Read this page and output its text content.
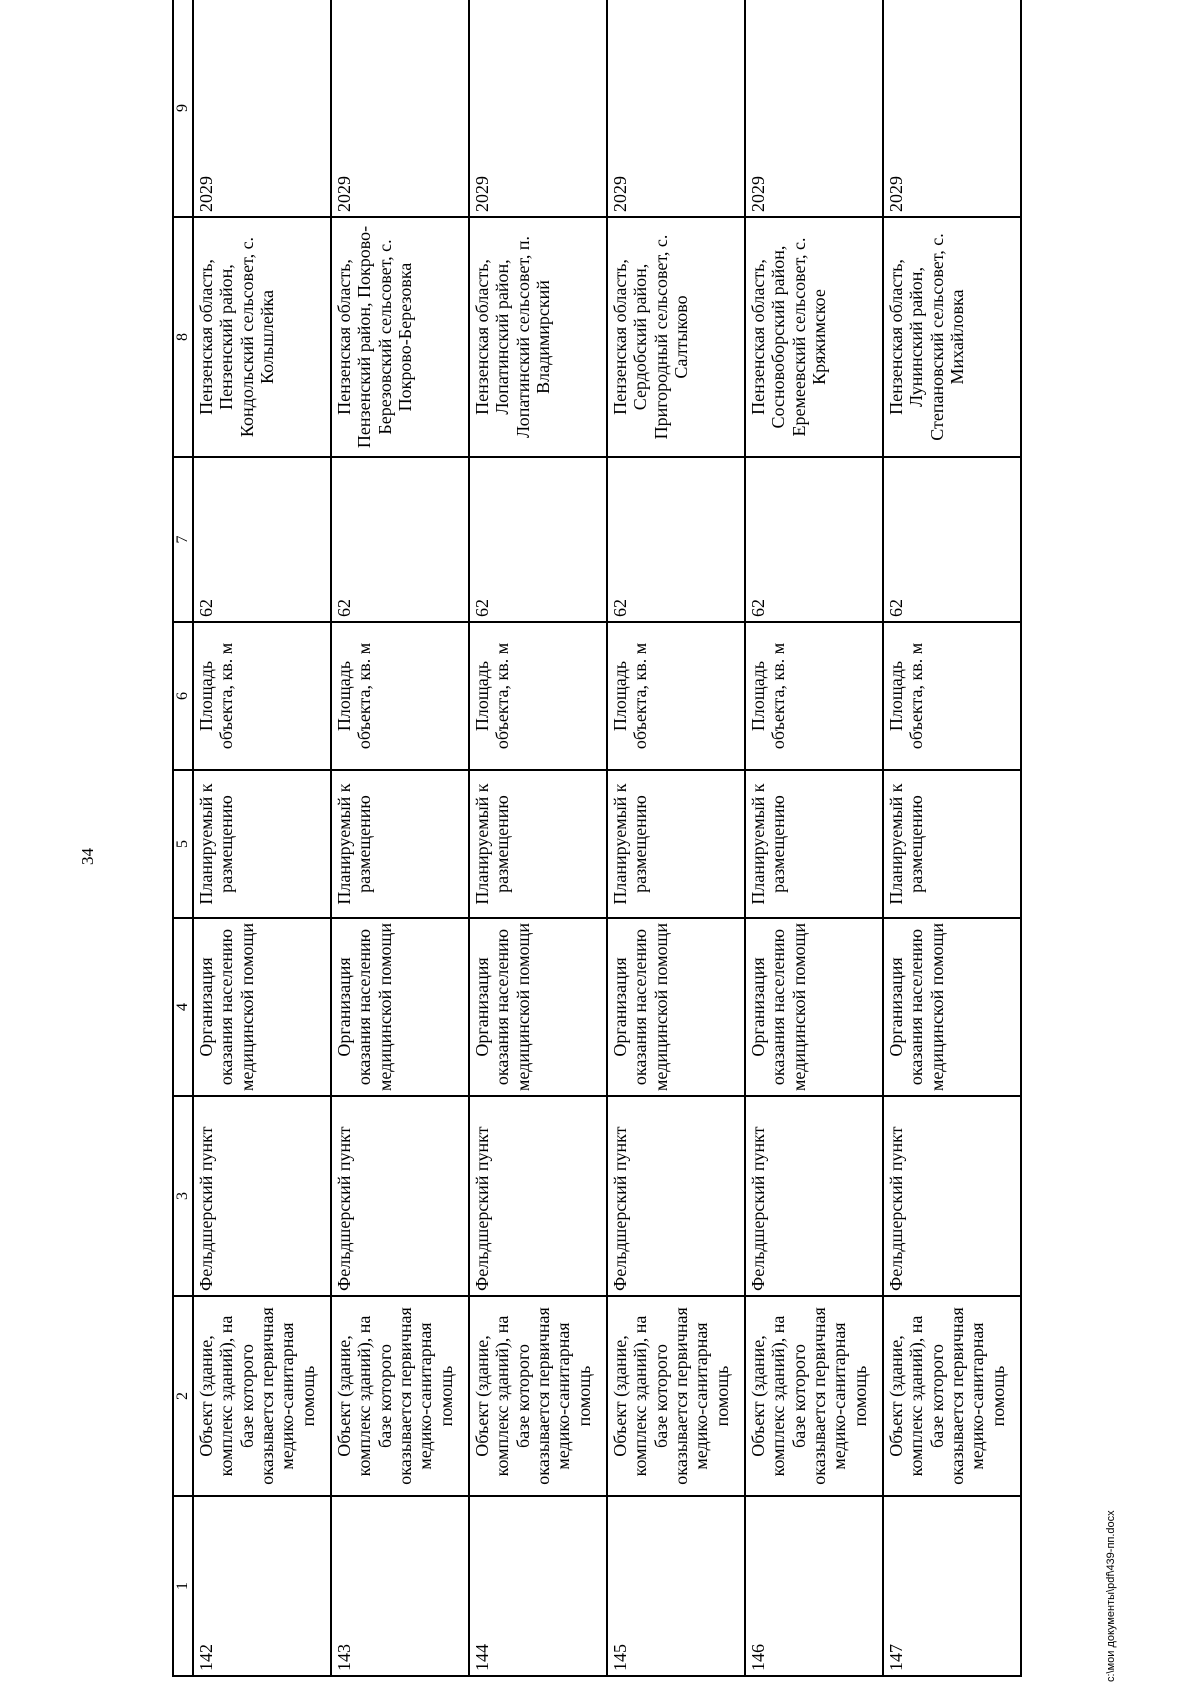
34
1	2	3	4	5	6	7	8	9
142	Объект (здание, комплекс зданий), на базе которого оказывается первичная медико-санитарная помощь	Фельдшерский пункт	Организация оказания населению медицинской помощи	Планируемый к размещению	Площадь объекта, кв. м	62	Пензенская область, Пензенский район, Кондольский сельсовет, с. Кольшлейка	2029
143	Объект (здание, комплекс зданий), на базе которого оказывается первичная медико-санитарная помощь	Фельдшерский пункт	Организация оказания населению медицинской помощи	Планируемый к размещению	Площадь объекта, кв. м	62	Пензенская область, Пензенский район, Покрово-Березовский сельсовет, с. Покрово-Березовка	2029
144	Объект (здание, комплекс зданий), на базе которого оказывается первичная медико-санитарная помощь	Фельдшерский пункт	Организация оказания населению медицинской помощи	Планируемый к размещению	Площадь объекта, кв. м	62	Пензенская область, Лопатинский район, Лопатинский сельсовет, п. Владимирский	2029
145	Объект (здание, комплекс зданий), на базе которого оказывается первичная медико-санитарная помощь	Фельдшерский пункт	Организация оказания населению медицинской помощи	Планируемый к размещению	Площадь объекта, кв. м	62	Пензенская область, Сердобский район, Пригородный сельсовет, с. Салтыково	2029
146	Объект (здание, комплекс зданий), на базе которого оказывается первичная медико-санитарная помощь	Фельдшерский пункт	Организация оказания населению медицинской помощи	Планируемый к размещению	Площадь объекта, кв. м	62	Пензенская область, Сосновоборский район, Еремеевский сельсовет, с. Кряжимское	2029
147	Объект (здание, комплекс зданий), на базе которого оказывается первичная медико-санитарная помощь	Фельдшерский пункт	Организация оказания населению медицинской помощи	Планируемый к размещению	Площадь объекта, кв. м	62	Пензенская область, Лунинский район, Степановский сельсовет, с. Михайловка	2029
c:\мои документы\pdf\439-пп.docx
